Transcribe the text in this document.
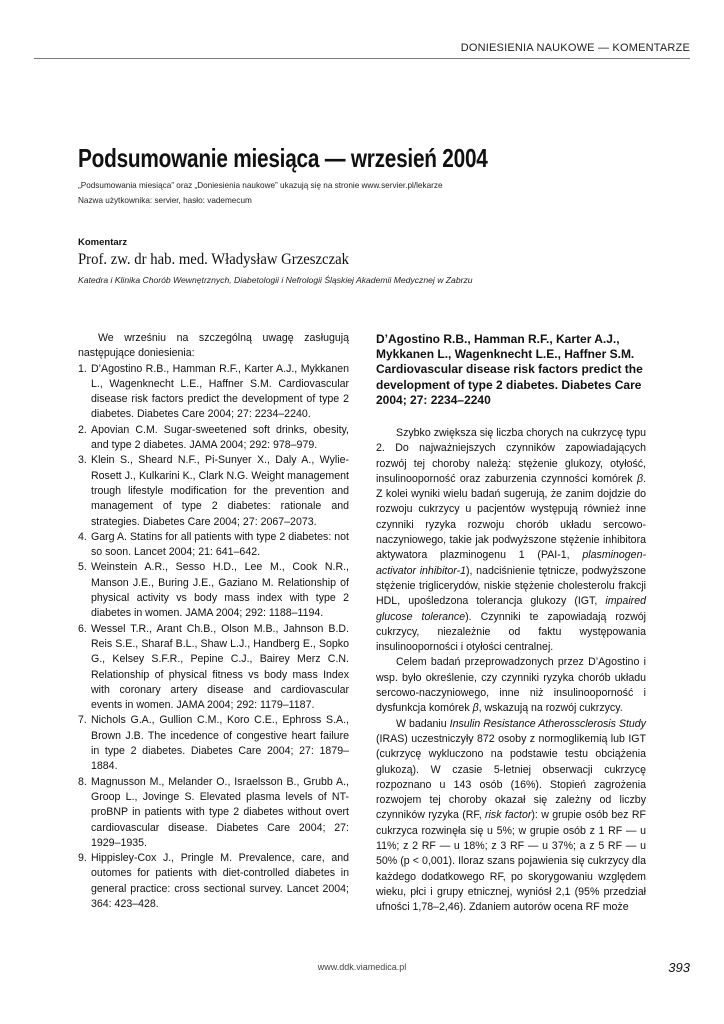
DONIESIENIA NAUKOWE — KOMENTARZE
Podsumowanie miesiąca — wrzesień 2004
„Podsumowania miesiąca” oraz „Doniesienia naukowe” ukazują się na stronie www.servier.pl/lekarze
Nazwa użytkownika: servier, hasło: vademecum
Komentarz
Prof. zw. dr hab. med. Władysław Grzeszczak
Katedra i Klinika Chorób Wewnętrznych, Diabetologii i Nefrologii Śląskiej Akademii Medycznej w Zabrzu

We wrześniu na szczególną uwagę zasługują następujące doniesienia:

1. D’Agostino R.B., Hamman R.F., Karter A.J., Mykkanen L., Wagenknecht L.E., Haffner S.M. Cardiovascular disease risk factors predict the development of type 2 diabetes. Diabetes Care 2004; 27: 2234–2240.
2. Apovian C.M. Sugar-sweetened soft drinks, obesity, and type 2 diabetes. JAMA 2004; 292: 978–979.
3. Klein S., Sheard N.F., Pi-Sunyer X., Daly A., Wylie-Rosett J., Kulkarini K., Clark N.G. Weight management trough lifestyle modification for the prevention and management of type 2 diabetes: rationale and strategies. Diabetes Care 2004; 27: 2067–2073.
4. Garg A. Statins for all patients with type 2 diabetes: not so soon. Lancet 2004; 21: 641–642.
5. Weinstein A.R., Sesso H.D., Lee M., Cook N.R., Manson J.E., Buring J.E., Gaziano M. Relationship of physical activity vs body mass index with type 2 diabetes in women. JAMA 2004; 292: 1188–1194.
6. Wessel T.R., Arant Ch.B., Olson M.B., Jahnson B.D. Reis S.E., Sharaf B.L., Shaw L.J., Handberg E., Sopko G., Kelsey S.F.R., Pepine C.J., Bairey Merz C.N. Relationship of physical fitness vs body mass Index with coronary artery disease and cardiovascular events in women. JAMA 2004; 292: 1179–1187.
7. Nichols G.A., Gullion C.M., Koro C.E., Ephross S.A., Brown J.B. The incedence of congestive heart failure in type 2 diabetes. Diabetes Care 2004; 27: 1879–1884.
8. Magnusson M., Melander O., Israelsson B., Grubb A., Groop L., Jovinge S. Elevated plasma levels of NT-proBNP in patients with type 2 diabetes without overt cardiovascular disease. Diabetes Care 2004; 27: 1929–1935.
9. Hippisley-Cox J., Pringle M. Prevalence, care, and outomes for patients with diet-controlled diabetes in general practice: cross sectional survey. Lancet 2004; 364: 423–428.
D’Agostino R.B., Hamman R.F., Karter A.J., Mykkanen L., Wagenknecht L.E., Haffner S.M. Cardiovascular disease risk factors predict the development of type 2 diabetes. Diabetes Care 2004; 27: 2234–2240

Szybko zwiększa się liczba chorych na cukrzycę typu 2. Do najważniejszych czynników zapowiadających rozwój tej choroby należą: stężenie glukozy, otyłość, insulinooporność oraz zaburzenia czynności komórek β. Z kolei wyniki wielu badań sugerują, że zanim dojdzie do rozwoju cukrzycy u pacjentów występują również inne czynniki ryzyka rozwoju chorób układu sercowo-naczyniowego, takie jak podwyższone stężenie inhibitora aktywatora plazminogenu 1 (PAI-1, plasminogen-activator inhibitor-1), nadciśnienie tętnicze, podwyższone stężenie triglicerydów, niskie stężenie cholesterolu frakcji HDL, upośledzona tolerancja glukozy (IGT, impaired glucose tolerance). Czynniki te zapowiadają rozwój cukrzycy, niezależnie od faktu występowania insulinooporności i otyłości centralnej.

Celem badań przeprowadzonych przez D’Agostino i wsp. było określenie, czy czynniki ryzyka chorób układu sercowo-naczyniowego, inne niż insulinooporność i dysfunkcja komórek β, wskazują na rozwój cukrzycy.

W badaniu Insulin Resistance Atherossclerosis Study (IRAS) uczestniczyły 872 osoby z normoglikemią lub IGT (cukrzycę wykluczono na podstawie testu obciążenia glukozą). W czasie 5-letniej obserwacji cukrzycę rozpoznano u 143 osób (16%). Stopień zagrożenia rozwojem tej choroby okazał się zależny od liczby czynników ryzyka (RF, risk factor): w grupie osób bez RF cukrzyca rozwinęła się u 5%; w grupie osób z 1 RF — u 11%; z 2 RF — u 18%; z 3 RF — u 37%; a z 5 RF — u 50% (p < 0,001). Iloraz szans pojawienia się cukrzycy dla każdego dodatkowego RF, po skorygowaniu względem wieku, płci i grupy etnicznej, wyniósł 2,1 (95% przedział ufności 1,78–2,46). Zdaniem autorów ocena RF może

www.ddk.viamedica.pl	393
